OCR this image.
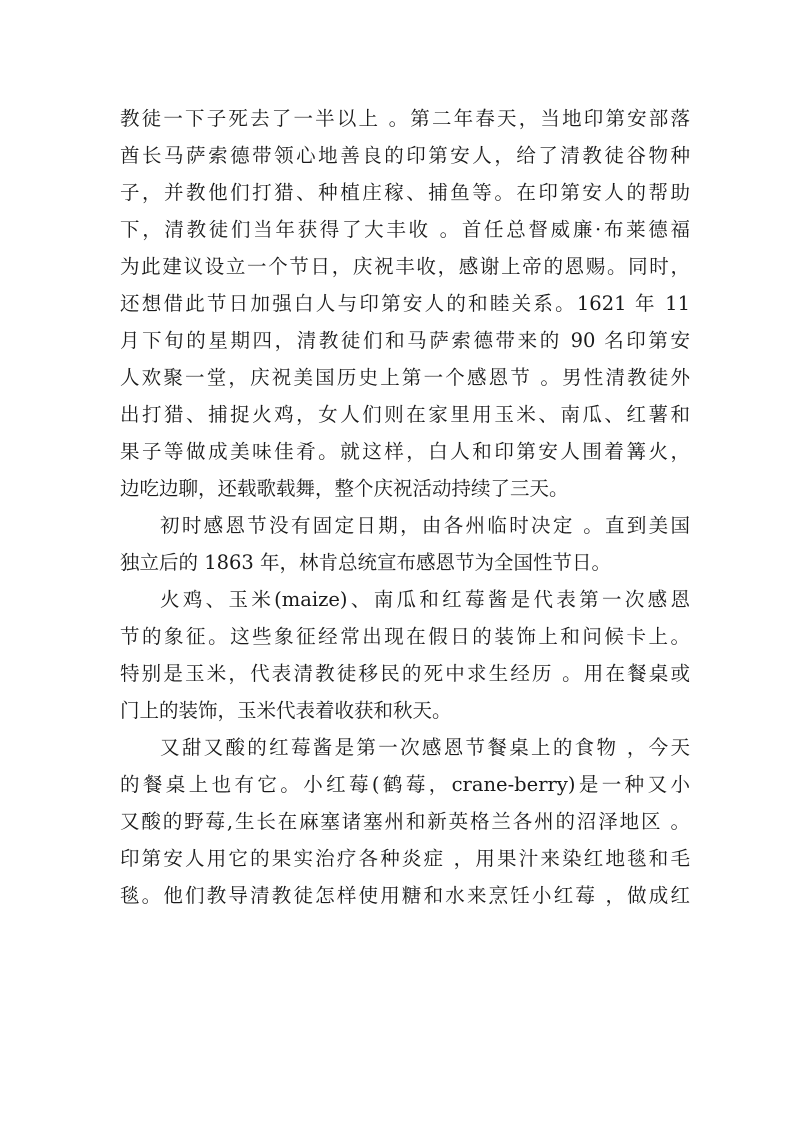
教徒一下子死去了一半以上 。第二年春天，当地印第安部落
酋长马萨索德带领心地善良的印第安人，给了清教徒谷物种
子，并教他们打猎、种植庄稼、捕鱼等。在印第安人的帮助
下，清教徒们当年获得了大丰收 。首任总督威廉·布莱德福
为此建议设立一个节日，庆祝丰收，感谢上帝的恩赐。同时，
还想借此节日加强白人与印第安人的和睦关系。1621 年 11
月下旬的星期四，清教徒们和马萨索德带来的 90 名印第安
人欢聚一堂，庆祝美国历史上第一个感恩节 。男性清教徒外
出打猎、捕捉火鸡，女人们则在家里用玉米、南瓜、红薯和
果子等做成美味佳肴。就这样，白人和印第安人围着篝火，
边吃边聊，还载歌载舞，整个庆祝活动持续了三天。
初时感恩节没有固定日期，由各州临时决定 。直到美国
独立后的 1863 年，林肯总统宣布感恩节为全国性节日。
火鸡、玉米(maize)、南瓜和红莓酱是代表第一次感恩
节的象征。这些象征经常出现在假日的装饰上和问候卡上。
特别是玉米，代表清教徒移民的死中求生经历 。用在餐桌或
门上的装饰，玉米代表着收获和秋天。
又甜又酸的红莓酱是第一次感恩节餐桌上的食物 ，今天
的餐桌上也有它。小红莓(鹤莓，crane-berry)是一种又小
又酸的野莓,生长在麻塞诸塞州和新英格兰各州的沼泽地区 。
印第安人用它的果实治疗各种炎症 ，用果汁来染红地毯和毛
毯。他们教导清教徒怎样使用糖和水来烹饪小红莓 ，做成红
